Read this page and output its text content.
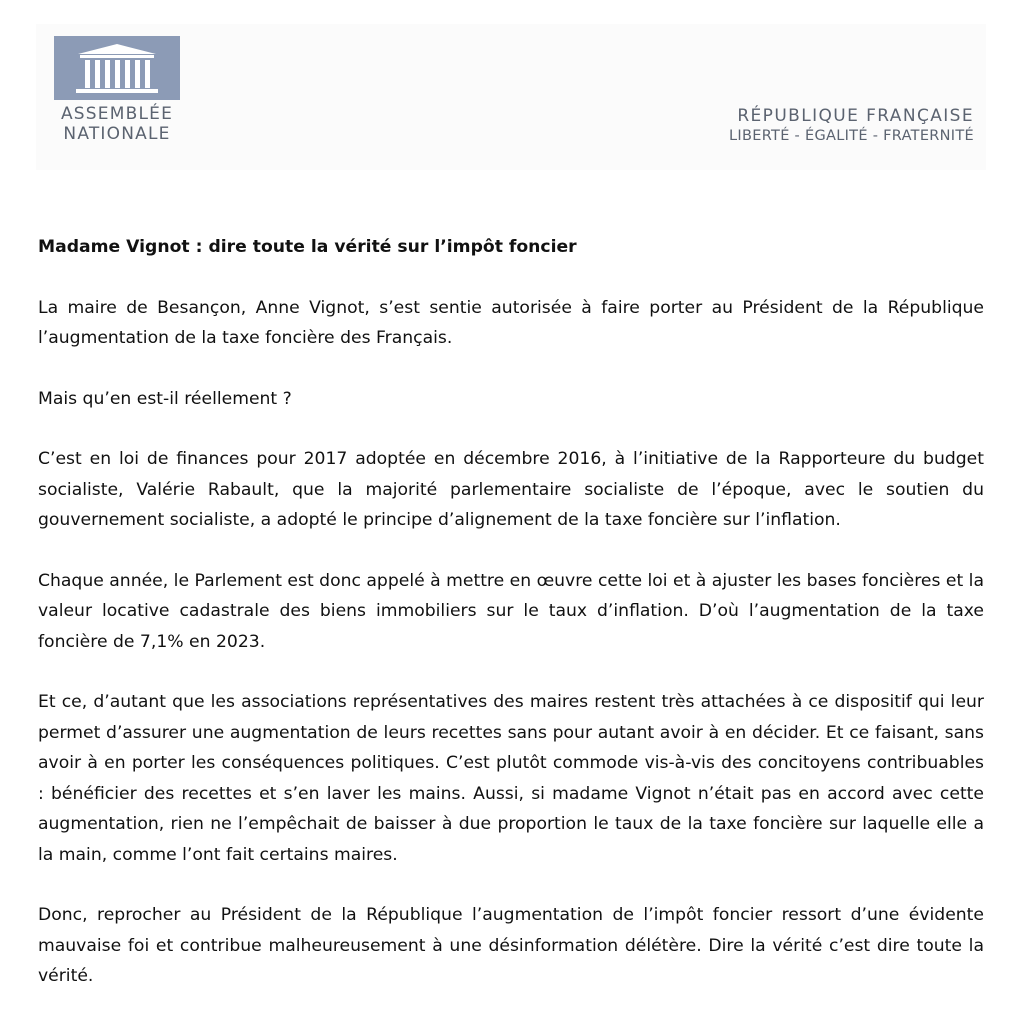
ASSEMBLÉE
NATIONALE
RÉPUBLIQUE FRANÇAISE
LIBERTÉ - ÉGALITÉ - FRATERNITÉ

Madame Vignot : dire toute la vérité sur l’impôt foncier

La maire de Besançon, Anne Vignot, s’est sentie autorisée à faire porter au Président de la République l’augmentation de la taxe foncière des Français.

Mais qu’en est-il réellement ?

C’est en loi de finances pour 2017 adoptée en décembre 2016, à l’initiative de la Rapporteure du budget socialiste, Valérie Rabault, que la majorité parlementaire socialiste de l’époque, avec le soutien du gouvernement socialiste, a adopté le principe d’alignement de la taxe foncière sur l’inflation.

Chaque année, le Parlement est donc appelé à mettre en œuvre cette loi et à ajuster les bases foncières et la valeur locative cadastrale des biens immobiliers sur le taux d’inflation. D’où l’augmentation de la taxe foncière de 7,1% en 2023.

Et ce, d’autant que les associations représentatives des maires restent très attachées à ce dispositif qui leur permet d’assurer une augmentation de leurs recettes sans pour autant avoir à en décider. Et ce faisant, sans avoir à en porter les conséquences politiques. C’est plutôt commode vis-à-vis des concitoyens contribuables : bénéficier des recettes et s’en laver les mains. Aussi, si madame Vignot n’était pas en accord avec cette augmentation, rien ne l’empêchait de baisser à due proportion le taux de la taxe foncière sur laquelle elle a la main, comme l’ont fait certains maires.

Donc, reprocher au Président de la République l’augmentation de l’impôt foncier ressort d’une évidente mauvaise foi et contribue malheureusement à une désinformation délétère. Dire la vérité c’est dire toute la vérité.
